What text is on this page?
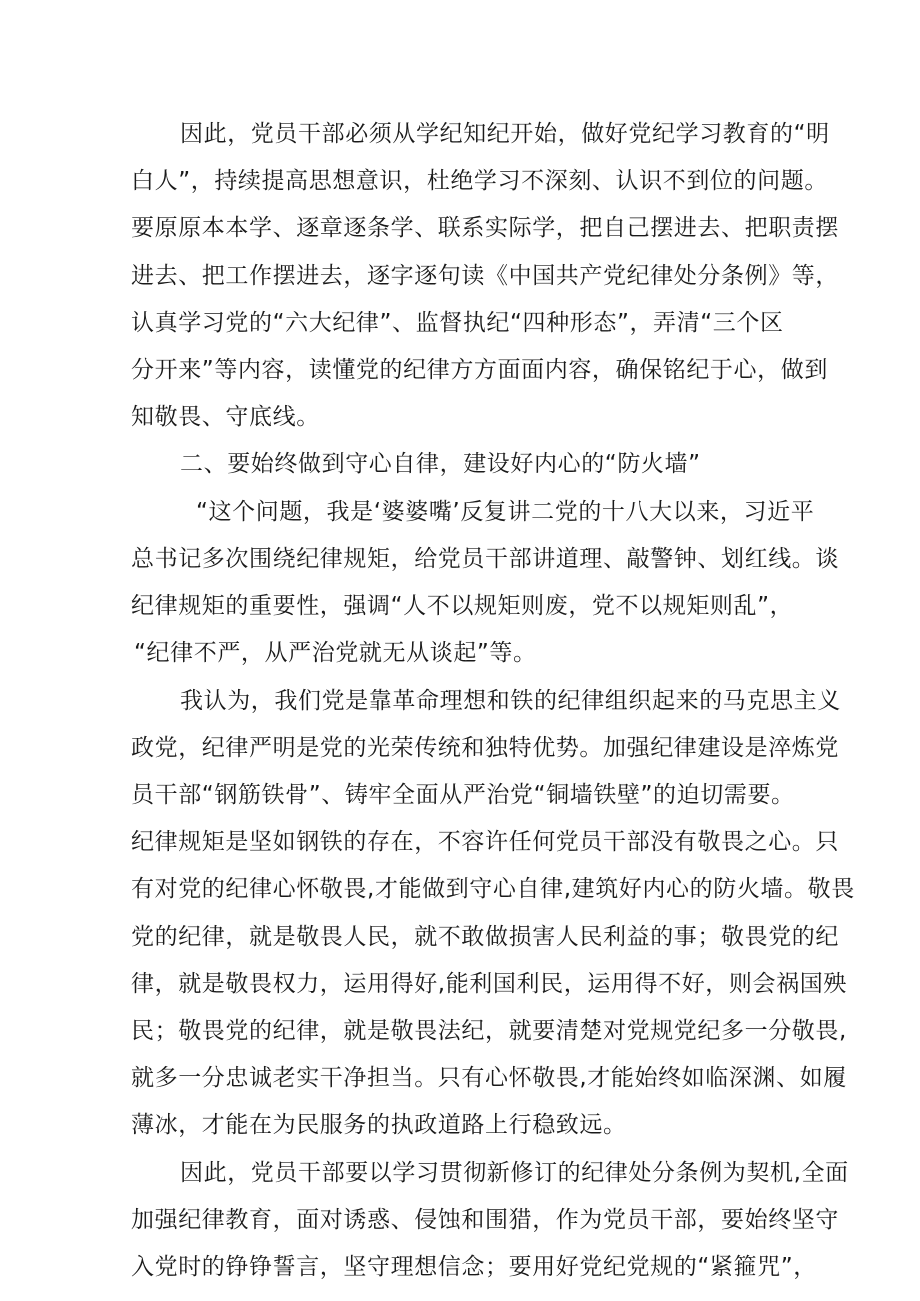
因此，党员干部必须从学纪知纪开始，做好党纪学习教育的“明

白人”，持续提高思想意识，杜绝学习不深刻、认识不到位的问题。

要原原本本学、逐章逐条学、联系实际学，把自己摆进去、把职责摆

进去、把工作摆进去，逐字逐句读《中国共产党纪律处分条例》等，

认真学习党的“六大纪律”、监督执纪“四种形态”，弄清“三个区

分开来”等内容，读懂党的纪律方方面面内容，确保铭纪于心，做到

知敬畏、守底线。

二、要始终做到守心自律，建设好内心的“防火墙”

“这个问题，我是‘婆婆嘴’反复讲二党的十八大以来，习近平

总书记多次围绕纪律规矩，给党员干部讲道理、敲警钟、划红线。谈

纪律规矩的重要性，强调“人不以规矩则废，党不以规矩则乱”，

“纪律不严，从严治党就无从谈起”等。

我认为，我们党是靠革命理想和铁的纪律组织起来的马克思主义

政党，纪律严明是党的光荣传统和独特优势。加强纪律建设是淬炼党

员干部“钢筋铁骨”、铸牢全面从严治党“铜墙铁壁”的迫切需要。

纪律规矩是坚如钢铁的存在，不容许任何党员干部没有敬畏之心。只

有对党的纪律心怀敬畏,才能做到守心自律,建筑好内心的防火墙。敬畏

党的纪律，就是敬畏人民，就不敢做损害人民利益的事；敬畏党的纪

律，就是敬畏权力，运用得好,能利国利民，运用得不好，则会祸国殃

民；敬畏党的纪律，就是敬畏法纪，就要清楚对党规党纪多一分敬畏,

就多一分忠诚老实干净担当。只有心怀敬畏,才能始终如临深渊、如履

薄冰，才能在为民服务的执政道路上行稳致远。

因此，党员干部要以学习贯彻新修订的纪律处分条例为契机,全面

加强纪律教育，面对诱惑、侵蚀和围猎，作为党员干部，要始终坚守

入党时的铮铮誓言，坚守理想信念；要用好党纪党规的“紧箍咒”，
